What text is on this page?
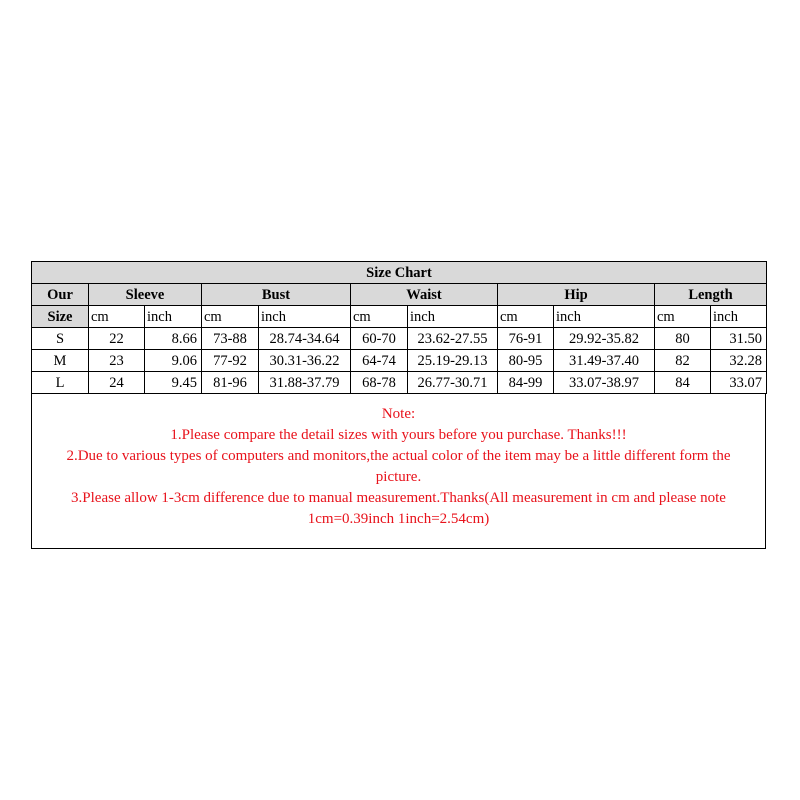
Size Chart										
Our	Sleeve		Bust		Waist		Hip		Length	
Size	cm	inch	cm	inch	cm	inch	cm	inch	cm	inch
S	22	8.66	73-88	28.74-34.64	60-70	23.62-27.55	76-91	29.92-35.82	80	31.50
M	23	9.06	77-92	30.31-36.22	64-74	25.19-29.13	80-95	31.49-37.40	82	32.28
L	24	9.45	81-96	31.88-37.79	68-78	26.77-30.71	84-99	33.07-38.97	84	33.07
Note:
1.Please compare the detail sizes with yours before you purchase. Thanks!!!
2.Due to various types of computers and monitors,the actual color of the item may be a little different form the
picture.
3.Please allow 1-3cm difference due to manual measurement.Thanks(All measurement in cm and please note
1cm=0.39inch 1inch=2.54cm)
